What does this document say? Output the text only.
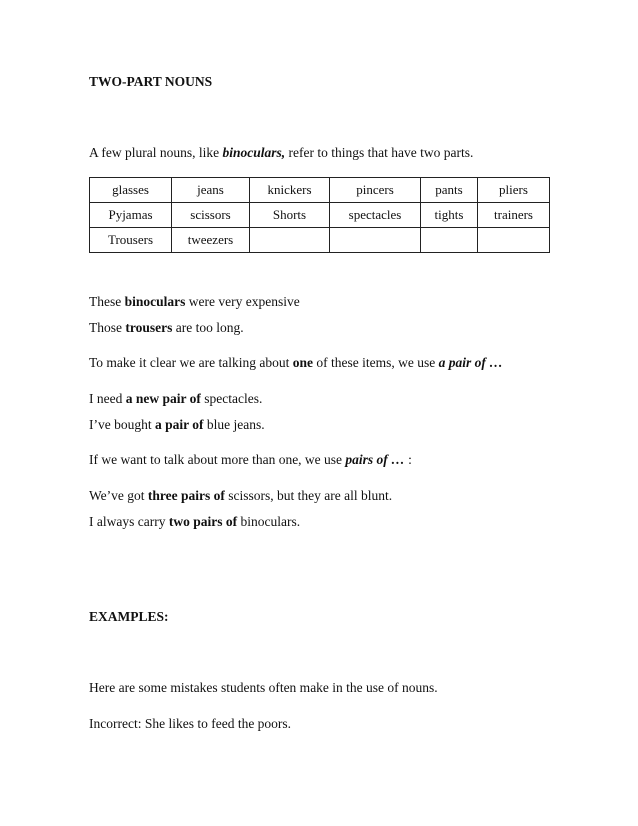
TWO-PART NOUNS
A few plural nouns, like binoculars, refer to things that have two parts.
glasses	jeans	knickers	pincers	pants	pliers
Pyjamas	scissors	Shorts	spectacles	tights	trainers
Trousers	tweezers				
These binoculars were very expensive
Those trousers are too long.
To make it clear we are talking about one of these items, we use a pair of …
I need a new pair of spectacles.
I’ve bought a pair of blue jeans.
If we want to talk about more than one, we use pairs of … :
We’ve got three pairs of scissors, but they are all blunt.
I always carry two pairs of binoculars.
EXAMPLES:
Here are some mistakes students often make in the use of nouns.
Incorrect: She likes to feed the poors.
